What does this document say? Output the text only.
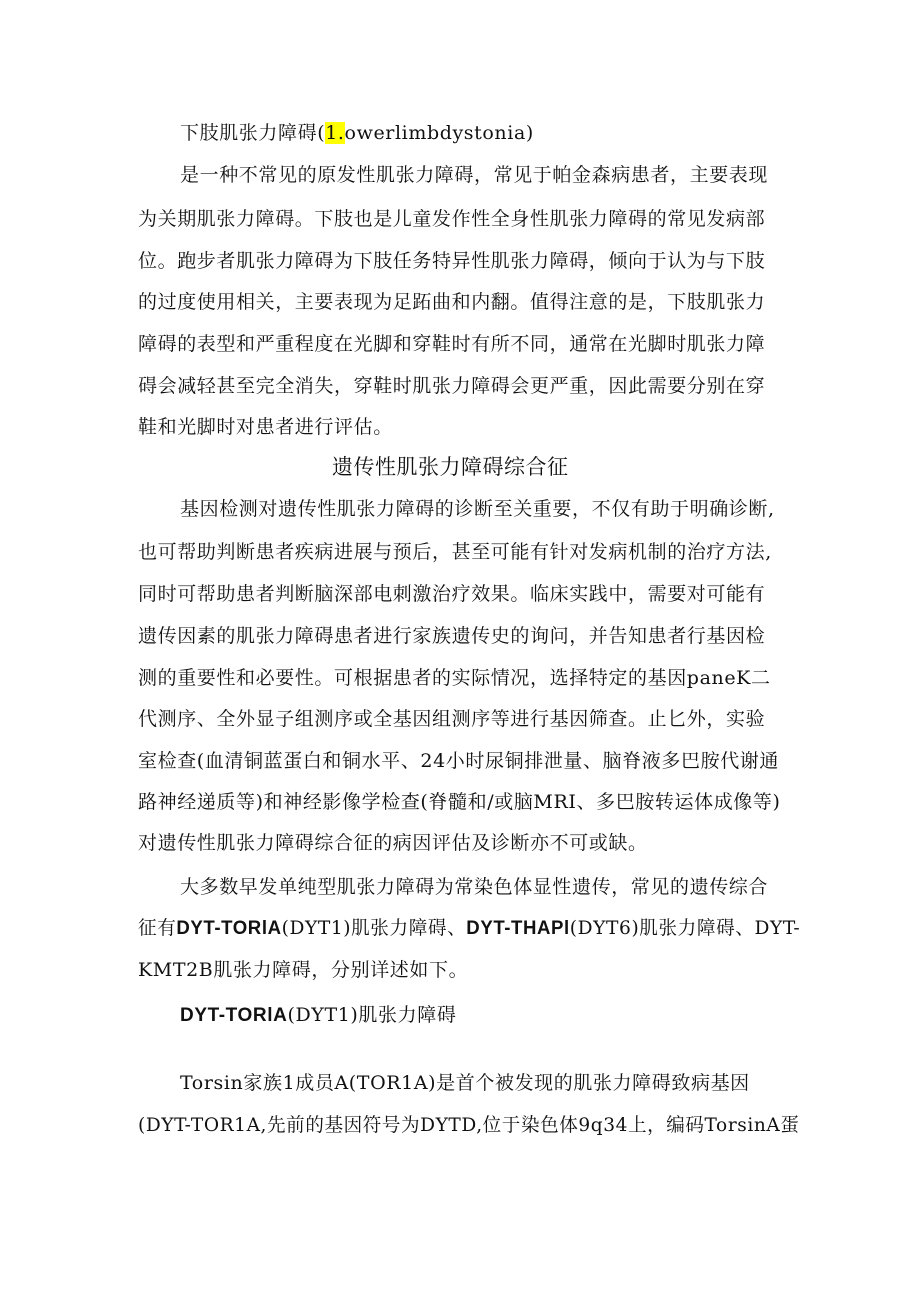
下肢肌张力障碍(1.owerlimbdystonia)
是一种不常见的原发性肌张力障碍，常见于帕金森病患者，主要表现
为关期肌张力障碍。下肢也是儿童发作性全身性肌张力障碍的常见发病部
位。跑步者肌张力障碍为下肢任务特异性肌张力障碍，倾向于认为与下肢
的过度使用相关，主要表现为足跖曲和内翻。值得注意的是，下肢肌张力
障碍的表型和严重程度在光脚和穿鞋时有所不同，通常在光脚时肌张力障
碍会减轻甚至完全消失，穿鞋时肌张力障碍会更严重，因此需要分别在穿
鞋和光脚时对患者进行评估。
遗传性肌张力障碍综合征
基因检测对遗传性肌张力障碍的诊断至关重要，不仅有助于明确诊断,
也可帮助判断患者疾病进展与预后，甚至可能有针对发病机制的治疗方法,
同时可帮助患者判断脑深部电刺激治疗效果。临床实践中，需要对可能有
遗传因素的肌张力障碍患者进行家族遗传史的询问，并告知患者行基因检
测的重要性和必要性。可根据患者的实际情况，选择特定的基因paneK二
代测序、全外显子组测序或全基因组测序等进行基因筛查。止匕外，实验
室检查(血清铜蓝蛋白和铜水平、24小时尿铜排泄量、脑脊液多巴胺代谢通
路神经递质等)和神经影像学检查(脊髓和/或脑MRI、多巴胺转运体成像等)
对遗传性肌张力障碍综合征的病因评估及诊断亦不可或缺。
大多数早发单纯型肌张力障碍为常染色体显性遗传，常见的遗传综合
征有DYT-TORlA(DYT1)肌张力障碍、DYT-THAPl(DYT6)肌张力障碍、DYT-
KMT2B肌张力障碍，分别详述如下。
DYT-TORlA(DYT1)肌张力障碍
Torsin家族1成员A(TOR1A)是首个被发现的肌张力障碍致病基因
(DYT-TOR1A,先前的基因符号为DYTD,位于染色体9q34上，编码TorsinA蛋
